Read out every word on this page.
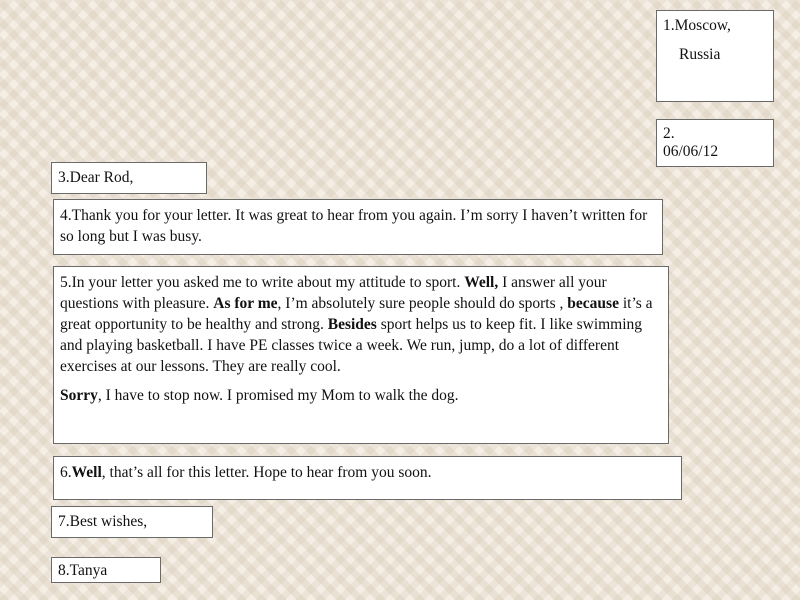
1.Moscow,
Russia
2.
06/06/12
3.Dear Rod,
4.Thank you for your letter. It was great to hear from you again. I’m sorry I haven’t written for so long but I was busy.

5.In your letter you asked me to write about my attitude to sport. Well, I answer all your questions with pleasure. As for me, I’m absolutely sure people should do sports , because it’s a great opportunity to be healthy and strong. Besides sport helps us to keep fit. I like swimming and playing basketball. I have PE classes twice a week. We run, jump, do a lot of different exercises at our lessons. They are really cool.

Sorry, I have to stop now. I promised my Mom to walk the dog.

6.Well, that’s all for this letter. Hope to hear from you soon.
7.Best wishes,
8.Tanya
